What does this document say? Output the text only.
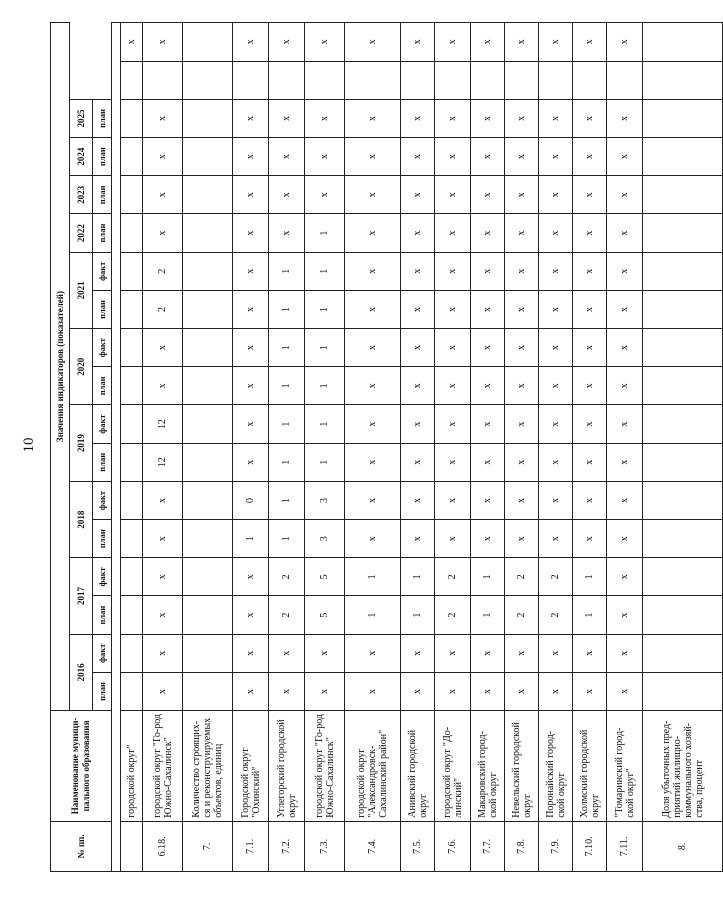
10
№ пп.	Наименование муници-пального образования	Значения индикаторов (показателей)																	
		2016		2017		2018		2019		2020		2021		2022	2023	2024	2025		
		план	факт	план	факт	план	факт	план	факт	план	факт	план	факт	план	план	план	план		

	городской округ"																		x
6.18.	городской округ "Го-род Южно-Сахалинск"	x	x	x	x	x	x	12	12	x	x	2	2	x	x	x	x		x
7.	Количество строящих-ся и реконструируемых объектов, единиц																		
7.1.	Городской округ "Охинский"	x	x	x	x	1	0	x	x	x	x	x	x	x	x	x	x		x
7.2.	Углегорский городской округ	x	x	2	2	1	1	1	1	1	1	1	1	x	x	x	x		x
7.3.	городской округ "Го-род Южно-Сахалинск"	x	x	5	5	3	3	1	1	1	1	1	1	1	x	x	x		x
7.4.	городской округ "Александровск-Сахалинский район"	x	x	1	1	x	x	x	x	x	x	x	x	x	x	x	x		x
7.5.	Анивский городской округ	x	x	1	1	x	x	x	x	x	x	x	x	x	x	x	x		x
7.6.	городской округ "До-линский"	x	x	2	2	x	x	x	x	x	x	x	x	x	x	x	x		x
7.7.	Макаровский город-ской округ	x	x	1	1	x	x	x	x	x	x	x	x	x	x	x	x		x
7.8.	Невельский городской округ	x	x	2	2	x	x	x	x	x	x	x	x	x	x	x	x		x
7.9.	Поронайский город-ской округ	x	x	2	2	x	x	x	x	x	x	x	x	x	x	x	x		x
7.10.	Холмский городской округ	x	x	1	1	x	x	x	x	x	x	x	x	x	x	x	x		x
7.11.	"Томаринский город-ской округ"	x	x	x	x	x	x	x	x	x	x	x	x	x	x	x	x		x
8.	Доля убыточных пред-приятий жилищно-коммунального хозяй-ства, процент																		
